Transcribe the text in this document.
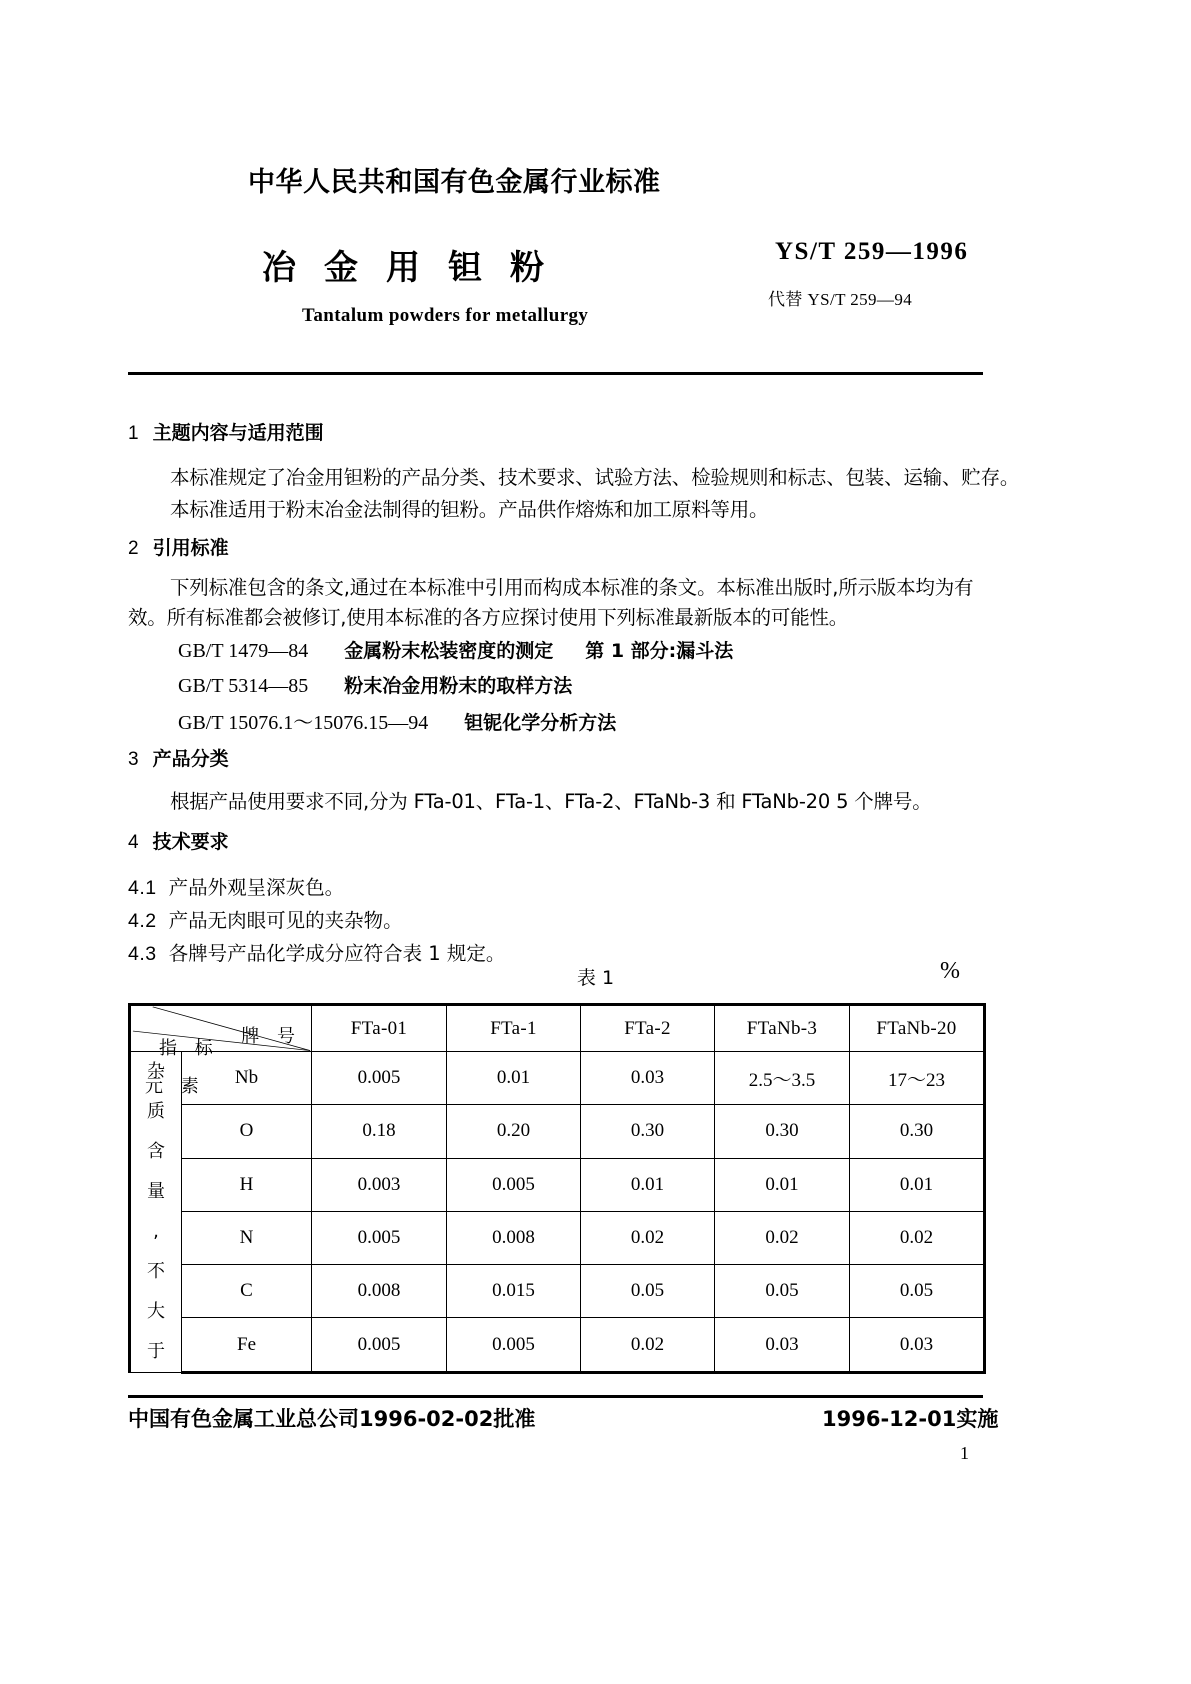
中华人民共和国有色金属行业标准
冶金用钽粉
Tantalum powders for metallurgy
YS/T 259—1996
代替 YS/T 259—94
1 主题内容与适用范围
本标准规定了冶金用钽粉的产品分类、技术要求、试验方法、检验规则和标志、包装、运输、贮存。
本标准适用于粉末冶金法制得的钽粉。产品供作熔炼和加工原料等用。
2 引用标准
下列标准包含的条文,通过在本标准中引用而构成本标准的条文。本标准出版时,所示版本均为有
效。所有标准都会被修订,使用本标准的各方应探讨使用下列标准最新版本的可能性。
GB/T 1479—84 金属粉末松装密度的测定 第 1 部分:漏斗法
GB/T 5314—85 粉末冶金用粉末的取样方法
GB/T 15076.1～15076.15—94 钽铌化学分析方法
3 产品分类
根据产品使用要求不同,分为 FTa-01、FTa-1、FTa-2、FTaNb-3 和 FTaNb-20 5 个牌号。
4 技术要求
4.1 产品外观呈深灰色。
4.2 产品无肉眼可见的夹杂物。
4.3 各牌号产品化学成分应符合表 1 规定。
表 1	%
牌 号
指 标
元 素		FTa-01	FTa-1	FTa-2	FTaNb-3	FTaNb-20

杂
质
含
量
,
不
大
于
	Nb	0.005	0.01	0.03	2.5～3.5	17～23
	O	0.18	0.20	0.30	0.30	0.30
	H	0.003	0.005	0.01	0.01	0.01
	N	0.005	0.008	0.02	0.02	0.02
	C	0.008	0.015	0.05	0.05	0.05
	Fe	0.005	0.005	0.02	0.03	0.03
中国有色金属工业总公司1996-02-02批准	1996-12-01实施
1
